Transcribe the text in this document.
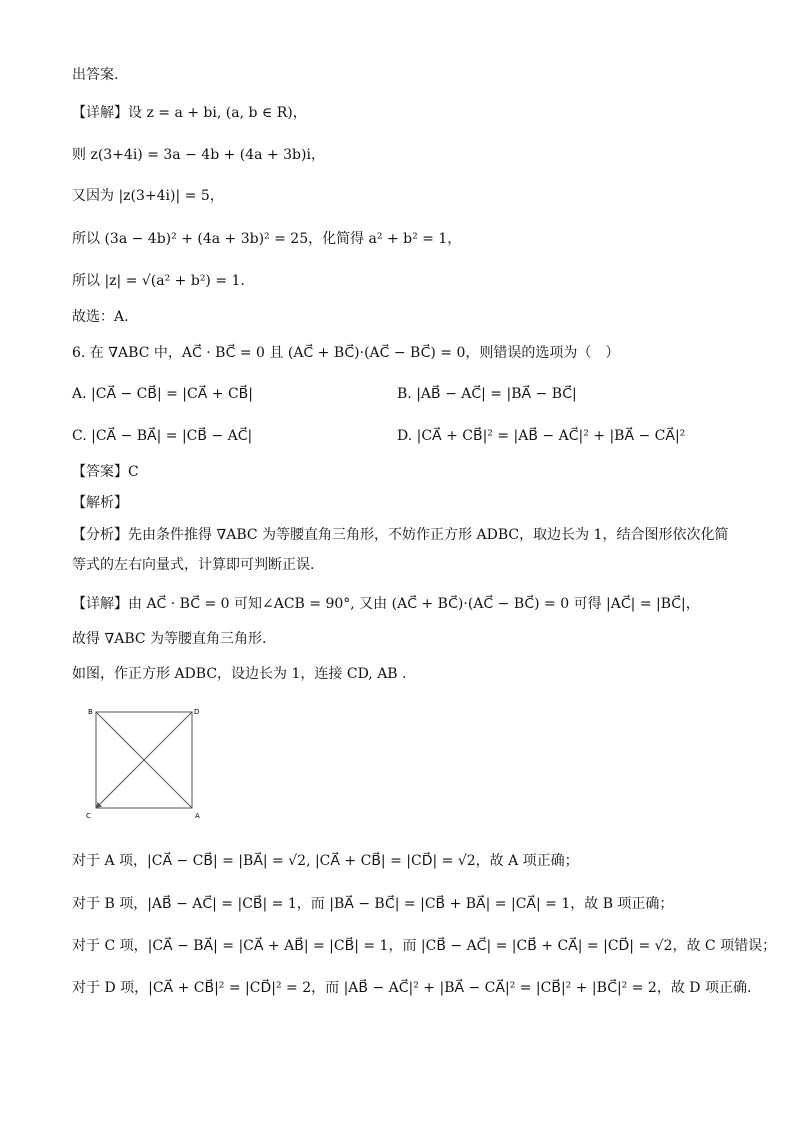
出答案.
【详解】设 z = a + bi, (a, b ∈ R)，
则 z(3+4i) = 3a − 4b + (4a + 3b)i，
又因为 |z(3+4i)| = 5，
所以 (3a − 4b)² + (4a + 3b)² = 25，化简得 a² + b² = 1，
所以 |z| = √(a² + b²) = 1.
故选：A.
6. 在 ∇ABC 中，AC⃗ · BC⃗ = 0 且 (AC⃗ + BC⃗)·(AC⃗ − BC⃗) = 0，则错误的选项为（　）
A. |CA⃗ − CB⃗| = |CA⃗ + CB⃗|	B. |AB⃗ − AC⃗| = |BA⃗ − BC⃗|
C. |CA⃗ − BA⃗| = |CB⃗ − AC⃗|	D. |CA⃗ + CB⃗|² = |AB⃗ − AC⃗|² + |BA⃗ − CA⃗|²
【答案】C
【解析】
【分析】先由条件推得 ∇ABC 为等腰直角三角形，不妨作正方形 ADBC，取边长为 1，结合图形依次化简
等式的左右向量式，计算即可判断正误.
【详解】由 AC⃗ · BC⃗ = 0 可知∠ACB = 90°, 又由 (AC⃗ + BC⃗)·(AC⃗ − BC⃗) = 0 可得 |AC⃗| = |BC⃗|，
故得 ∇ABC 为等腰直角三角形.
如图，作正方形 ADBC，设边长为 1，连接 CD, AB .
B	D
C	A
对于 A 项，|CA⃗ − CB⃗| = |BA⃗| = √2, |CA⃗ + CB⃗| = |CD⃗| = √2，故 A 项正确；
对于 B 项，|AB⃗ − AC⃗| = |CB⃗| = 1，而 |BA⃗ − BC⃗| = |CB⃗ + BA⃗| = |CA⃗| = 1，故 B 项正确；
对于 C 项，|CA⃗ − BA⃗| = |CA⃗ + AB⃗| = |CB⃗| = 1，而 |CB⃗ − AC⃗| = |CB⃗ + CA⃗| = |CD⃗| = √2，故 C 项错误；
对于 D 项，|CA⃗ + CB⃗|² = |CD⃗|² = 2，而 |AB⃗ − AC⃗|² + |BA⃗ − CA⃗|² = |CB⃗|² + |BC⃗|² = 2，故 D 项正确.
